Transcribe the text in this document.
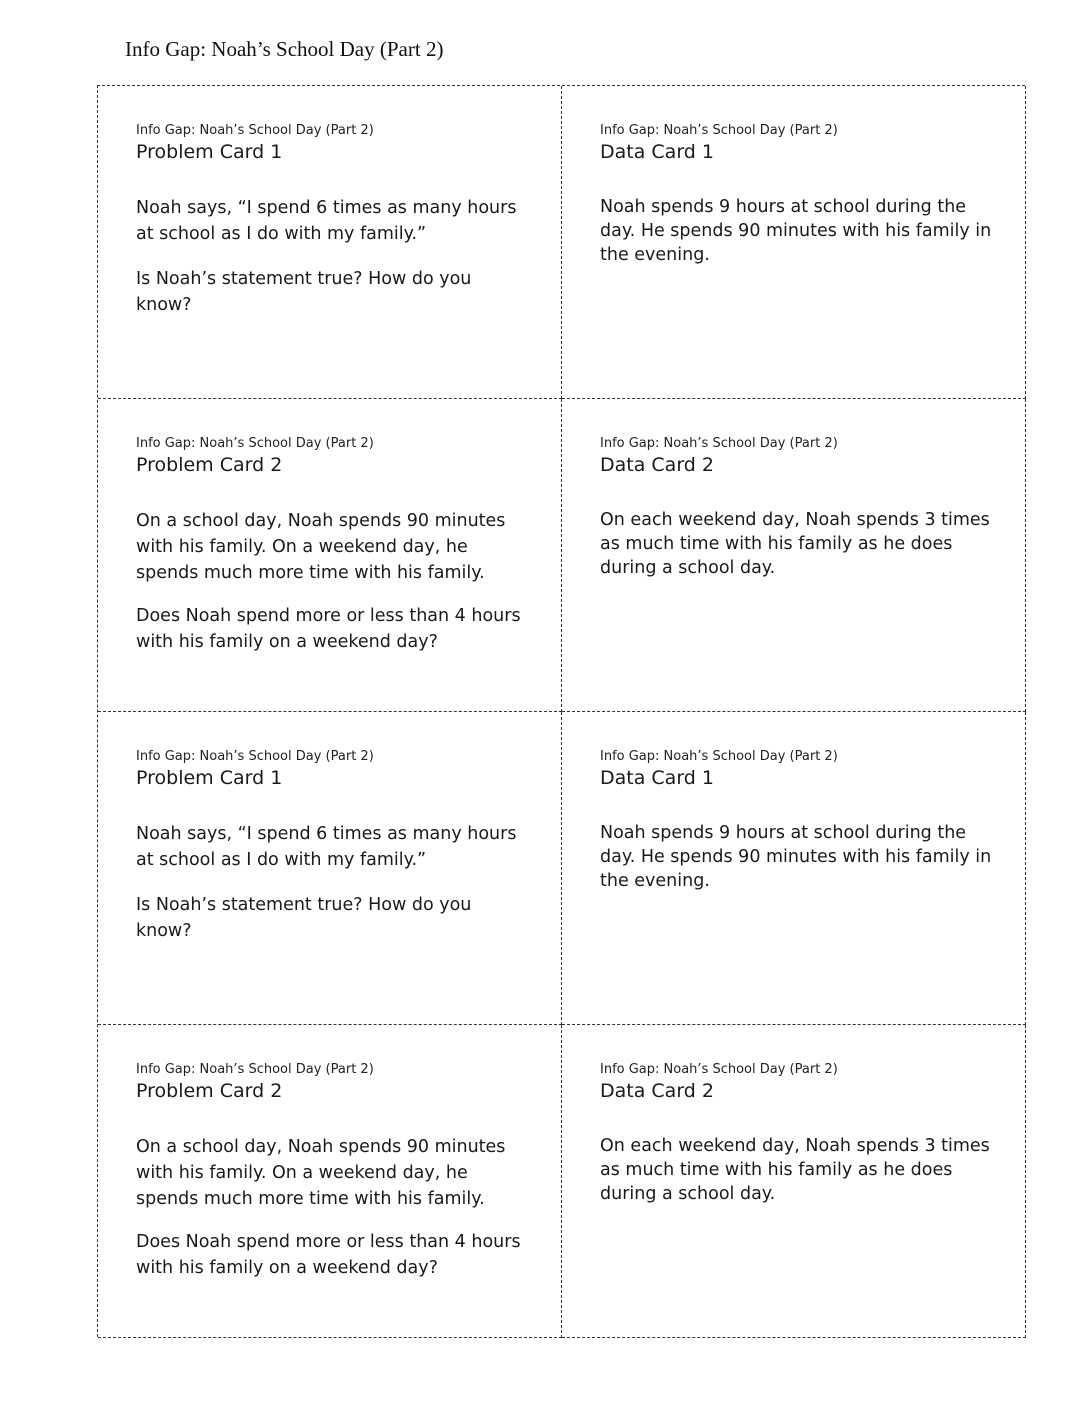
Info Gap: Noah’s School Day (Part 2)
Info Gap: Noah’s School Day (Part 2)
Problem Card 1

Noah says, “I spend 6 times as many hours at school as I do with my family.”

Is Noah’s statement true? How do you know?

Info Gap: Noah’s School Day (Part 2)
Data Card 1

Noah spends 9 hours at school during the day. He spends 90 minutes with his family in the evening.

Info Gap: Noah’s School Day (Part 2)
Problem Card 2

On a school day, Noah spends 90 minutes with his family. On a weekend day, he spends much more time with his family.

Does Noah spend more or less than 4 hours with his family on a weekend day?

Info Gap: Noah’s School Day (Part 2)
Data Card 2

On each weekend day, Noah spends 3 times as much time with his family as he does during a school day.

Info Gap: Noah’s School Day (Part 2)
Problem Card 1

Noah says, “I spend 6 times as many hours at school as I do with my family.”

Is Noah’s statement true? How do you know?

Info Gap: Noah’s School Day (Part 2)
Data Card 1

Noah spends 9 hours at school during the day. He spends 90 minutes with his family in the evening.

Info Gap: Noah’s School Day (Part 2)
Problem Card 2

On a school day, Noah spends 90 minutes with his family. On a weekend day, he spends much more time with his family.

Does Noah spend more or less than 4 hours with his family on a weekend day?

Info Gap: Noah’s School Day (Part 2)
Data Card 2

On each weekend day, Noah spends 3 times as much time with his family as he does during a school day.
